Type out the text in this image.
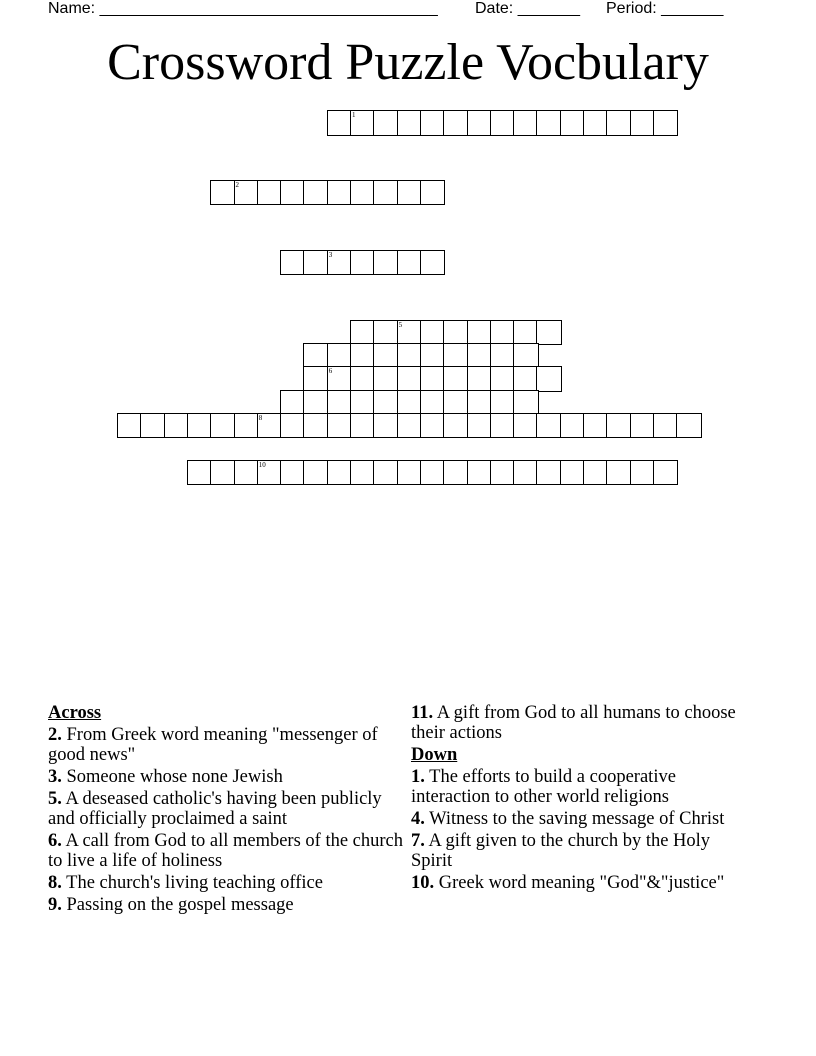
Name: ______________________________________ Date: _______ Period: _______
Crossword Puzzle Vocbulary
1
2
3
5
6
8
10
Across
2. From Greek word meaning "messenger of good news"
3. Someone whose none Jewish
5. A deseased catholic's having been publicly and officially proclaimed a saint
6. A call from God to all members of the church to live a life of holiness
8. The church's living teaching office
9. Passing on the gospel message
11. A gift from God to all humans to choose their actions
Down
1. The efforts to build a cooperative interaction to other world religions
4. Witness to the saving message of Christ
7. A gift given to the church by the Holy Spirit
10. Greek word meaning "God"&"justice"
